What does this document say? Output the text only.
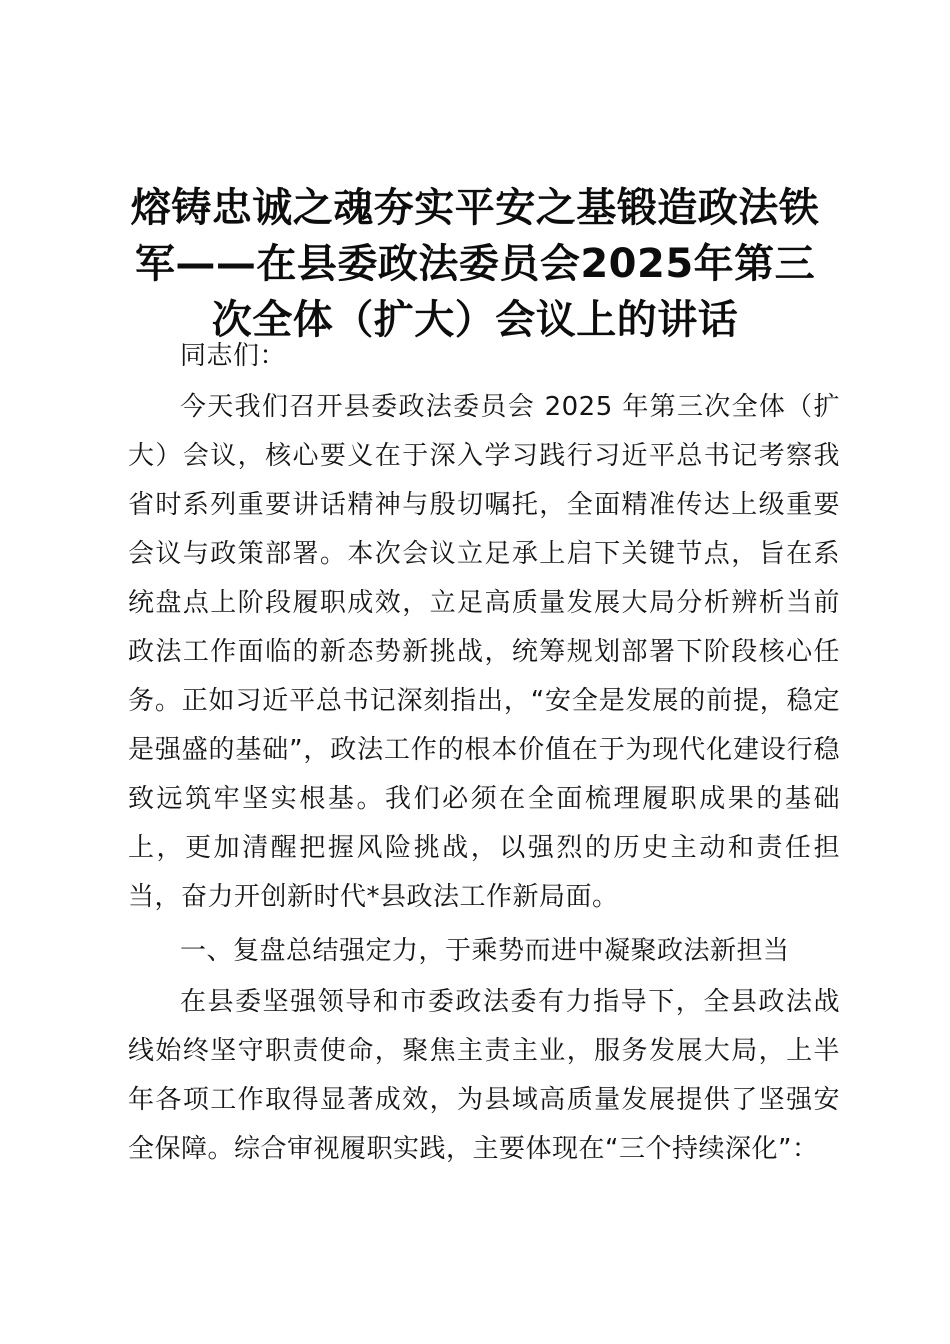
熔铸忠诚之魂夯实平安之基锻造政法铁军——在县委政法委员会2025年第三次全体（扩大）会议上的讲话

同志们：

今天我们召开县委政法委员会 2025 年第三次全体（扩大）会议，核心要义在于深入学习践行习近平总书记考察我省时系列重要讲话精神与殷切嘱托，全面精准传达上级重要会议与政策部署。本次会议立足承上启下关键节点，旨在系统盘点上阶段履职成效，立足高质量发展大局分析辨析当前政法工作面临的新态势新挑战，统筹规划部署下阶段核心任务。正如习近平总书记深刻指出，“安全是发展的前提，稳定是强盛的基础”，政法工作的根本价值在于为现代化建设行稳致远筑牢坚实根基。我们必须在全面梳理履职成果的基础上，更加清醒把握风险挑战，以强烈的历史主动和责任担当，奋力开创新时代*县政法工作新局面。

一、复盘总结强定力，于乘势而进中凝聚政法新担当

在县委坚强领导和市委政法委有力指导下，全县政法战线始终坚守职责使命，聚焦主责主业，服务发展大局，上半年各项工作取得显著成效，为县域高质量发展提供了坚强安全保障。综合审视履职实践，主要体现在“三个持续深化”：
